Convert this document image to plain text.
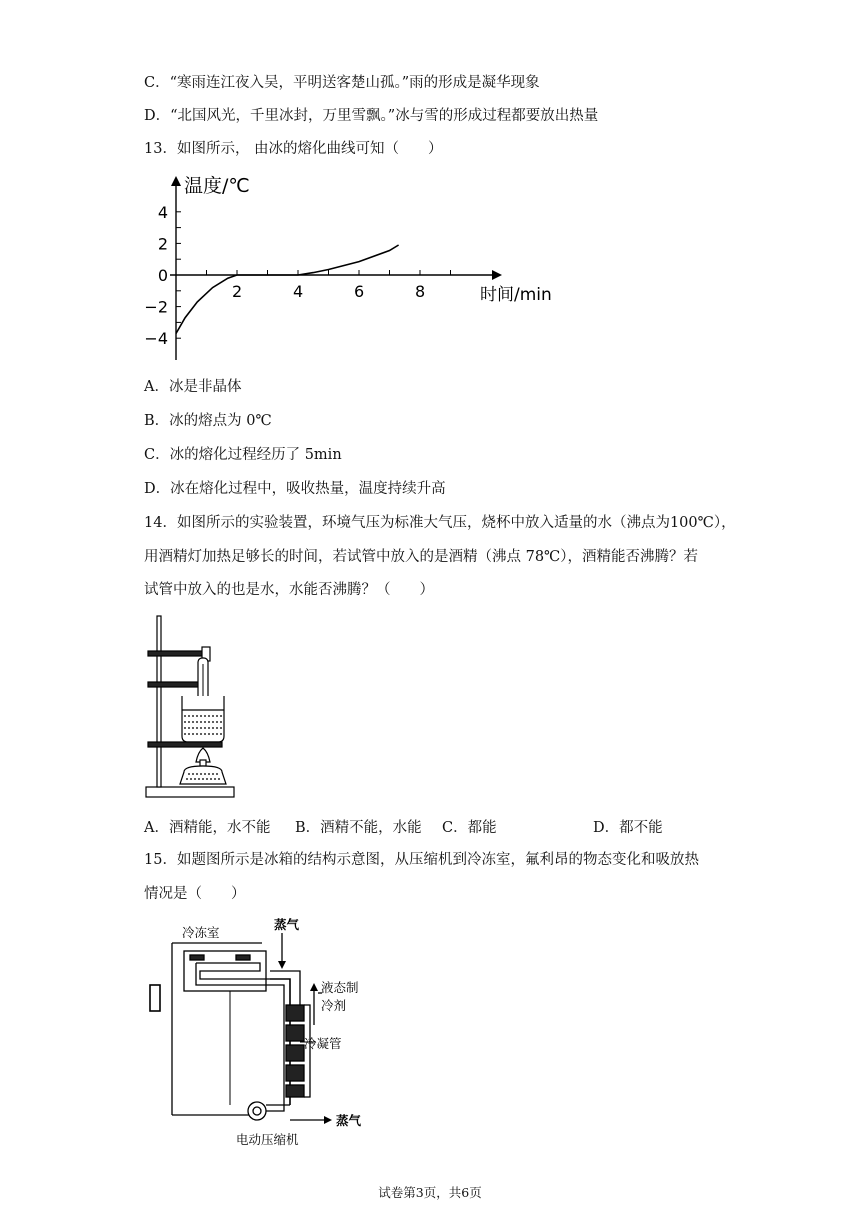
C．“寒雨连江夜入吴，平明送客楚山孤。”雨的形成是凝华现象
D．“北国风光，千里冰封，万里雪飘。”冰与雪的形成过程都要放出热量
13．如图所示， 由冰的熔化曲线可知（　　）
2	4	6	8
4
2
0
−2
−4
温度/℃
时间/min
A．冰是非晶体
B．冰的熔点为 0℃
C．冰的熔化过程经历了 5min
D．冰在熔化过程中，吸收热量，温度持续升高
14．如图所示的实验装置，环境气压为标准大气压，烧杯中放入适量的水（沸点为100℃），
用酒精灯加热足够长的时间，若试管中放入的是酒精（沸点 78℃），酒精能否沸腾？若
试管中放入的也是水，水能否沸腾？（　　）
A．酒精能，水不能 B．酒精不能，水能 C．都能	D．都不能
15．如题图所示是冰箱的结构示意图，从压缩机到冷冻室，氟利昂的物态变化和吸放热
情况是（　　）
冷冻室
蒸气
液态制
冷剂
冷凝管
蒸气
电动压缩机
试卷第3页，共6页
